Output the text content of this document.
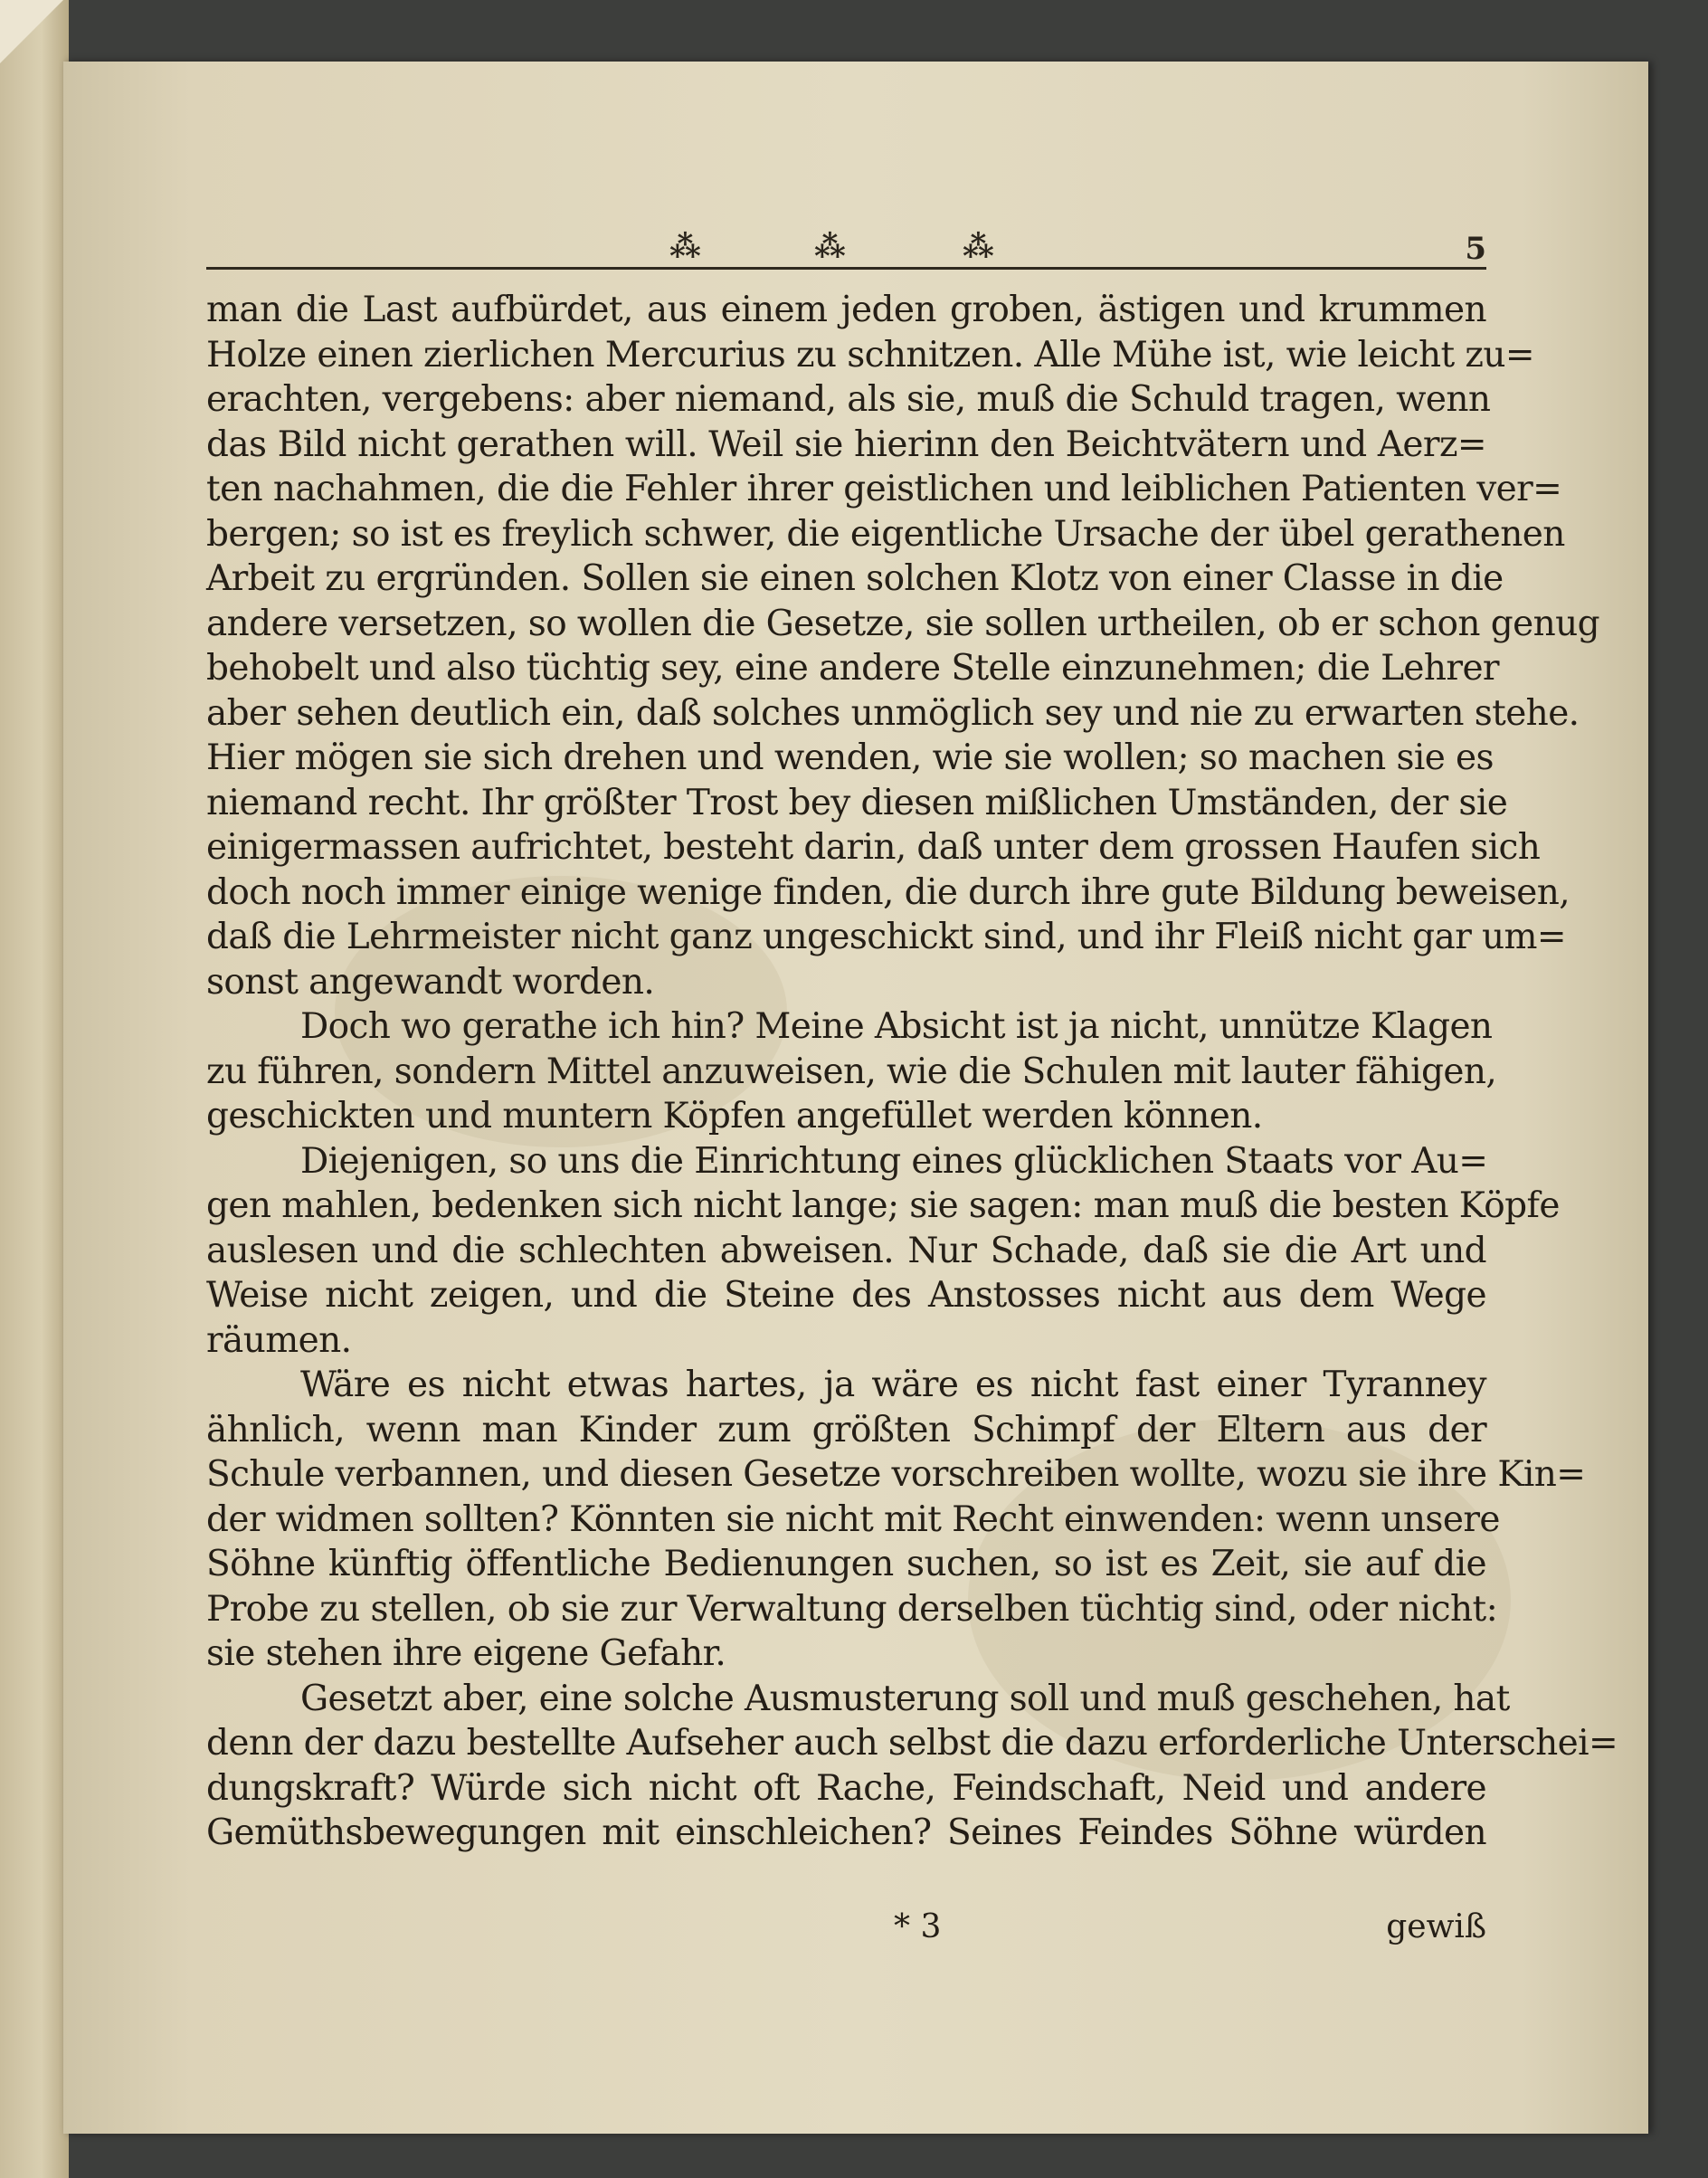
⁂	⁂	⁂	5
man die Last aufbürdet, aus einem jeden groben, ästigen und krummen
Holze einen zierlichen Mercurius zu schnitzen. Alle Mühe ist, wie leicht zu=
erachten, vergebens: aber niemand, als sie, muß die Schuld tragen, wenn
das Bild nicht gerathen will. Weil sie hierinn den Beichtvätern und Aerz=
ten nachahmen, die die Fehler ihrer geistlichen und leiblichen Patienten ver=
bergen; so ist es freylich schwer, die eigentliche Ursache der übel gerathenen
Arbeit zu ergründen. Sollen sie einen solchen Klotz von einer Classe in die
andere versetzen, so wollen die Gesetze, sie sollen urtheilen, ob er schon genug
behobelt und also tüchtig sey, eine andere Stelle einzunehmen; die Lehrer
aber sehen deutlich ein, daß solches unmöglich sey und nie zu erwarten stehe.
Hier mögen sie sich drehen und wenden, wie sie wollen; so machen sie es
niemand recht. Ihr größter Trost bey diesen mißlichen Umständen, der sie
einigermassen aufrichtet, besteht darin, daß unter dem grossen Haufen sich
doch noch immer einige wenige finden, die durch ihre gute Bildung beweisen,
daß die Lehrmeister nicht ganz ungeschickt sind, und ihr Fleiß nicht gar um=
sonst angewandt worden.
Doch wo gerathe ich hin? Meine Absicht ist ja nicht, unnütze Klagen
zu führen, sondern Mittel anzuweisen, wie die Schulen mit lauter fähigen,
geschickten und muntern Köpfen angefüllet werden können.
Diejenigen, so uns die Einrichtung eines glücklichen Staats vor Au=
gen mahlen, bedenken sich nicht lange; sie sagen: man muß die besten Köpfe
auslesen und die schlechten abweisen. Nur Schade, daß sie die Art und
Weise nicht zeigen, und die Steine des Anstosses nicht aus dem Wege
räumen.
Wäre es nicht etwas hartes, ja wäre es nicht fast einer Tyranney
ähnlich, wenn man Kinder zum größten Schimpf der Eltern aus der
Schule verbannen, und diesen Gesetze vorschreiben wollte, wozu sie ihre Kin=
der widmen sollten? Könnten sie nicht mit Recht einwenden: wenn unsere
Söhne künftig öffentliche Bedienungen suchen, so ist es Zeit, sie auf die
Probe zu stellen, ob sie zur Verwaltung derselben tüchtig sind, oder nicht:
sie stehen ihre eigene Gefahr.
Gesetzt aber, eine solche Ausmusterung soll und muß geschehen, hat
denn der dazu bestellte Aufseher auch selbst die dazu erforderliche Unterschei=
dungskraft? Würde sich nicht oft Rache, Feindschaft, Neid und andere
Gemüthsbewegungen mit einschleichen? Seines Feindes Söhne würden
* 3	gewiß
